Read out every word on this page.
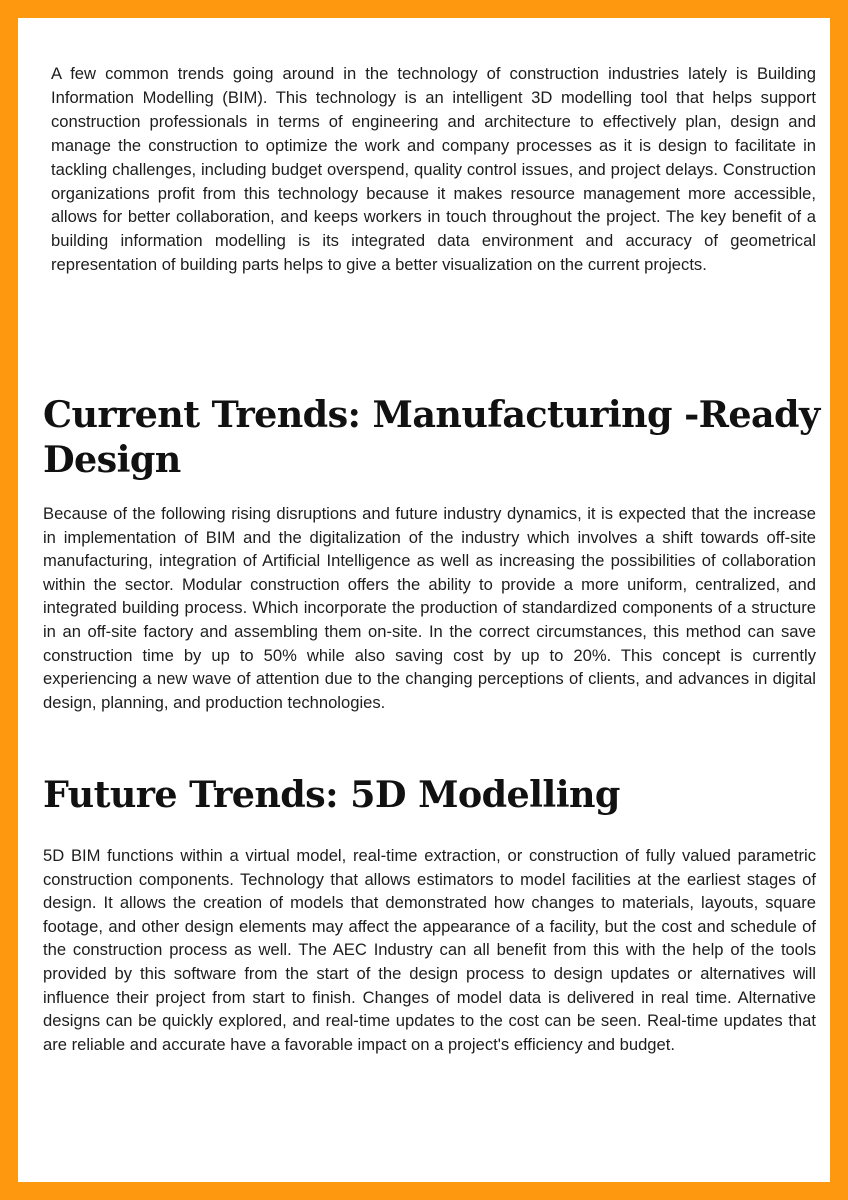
A few common trends going around in the technology of construction industries lately is Building Information Modelling (BIM). This technology is an intelligent 3D modelling tool that helps support construction professionals in terms of engineering and architecture to effectively plan, design and manage the construction to optimize the work and company processes as it is design to facilitate in tackling challenges, including budget overspend, quality control issues, and project delays. Construction organizations profit from this technology because it makes resource management more accessible, allows for better collaboration, and keeps workers in touch throughout the project. The key benefit of a building information modelling is its integrated data environment and accuracy of geometrical representation of building parts helps to give a better visualization on the current projects.

Current Trends: Manufacturing -Ready Design

Because of the following rising disruptions and future industry dynamics, it is expected that the increase in implementation of BIM and the digitalization of the industry which involves a shift towards off-site manufacturing, integration of Artificial Intelligence as well as increasing the possibilities of collaboration within the sector. Modular construction offers the ability to provide a more uniform, centralized, and integrated building process. Which incorporate the production of standardized components of a structure in an off-site factory and assembling them on-site. In the correct circumstances, this method can save construction time by up to 50% while also saving cost by up to 20%. This concept is currently experiencing a new wave of attention due to the changing perceptions of clients, and advances in digital design, planning, and production technologies.

Future Trends: 5D Modelling

5D BIM functions within a virtual model, real-time extraction, or construction of fully valued parametric construction components. Technology that allows estimators to model facilities at the earliest stages of design. It allows the creation of models that demonstrated how changes to materials, layouts, square footage, and other design elements may affect the appearance of a facility, but the cost and schedule of the construction process as well. The AEC Industry can all benefit from this with the help of the tools provided by this software from the start of the design process to design updates or alternatives will influence their project from start to finish. Changes of model data is delivered in real time. Alternative designs can be quickly explored, and real-time updates to the cost can be seen. Real-time updates that are reliable and accurate have a favorable impact on a project's efficiency and budget.
